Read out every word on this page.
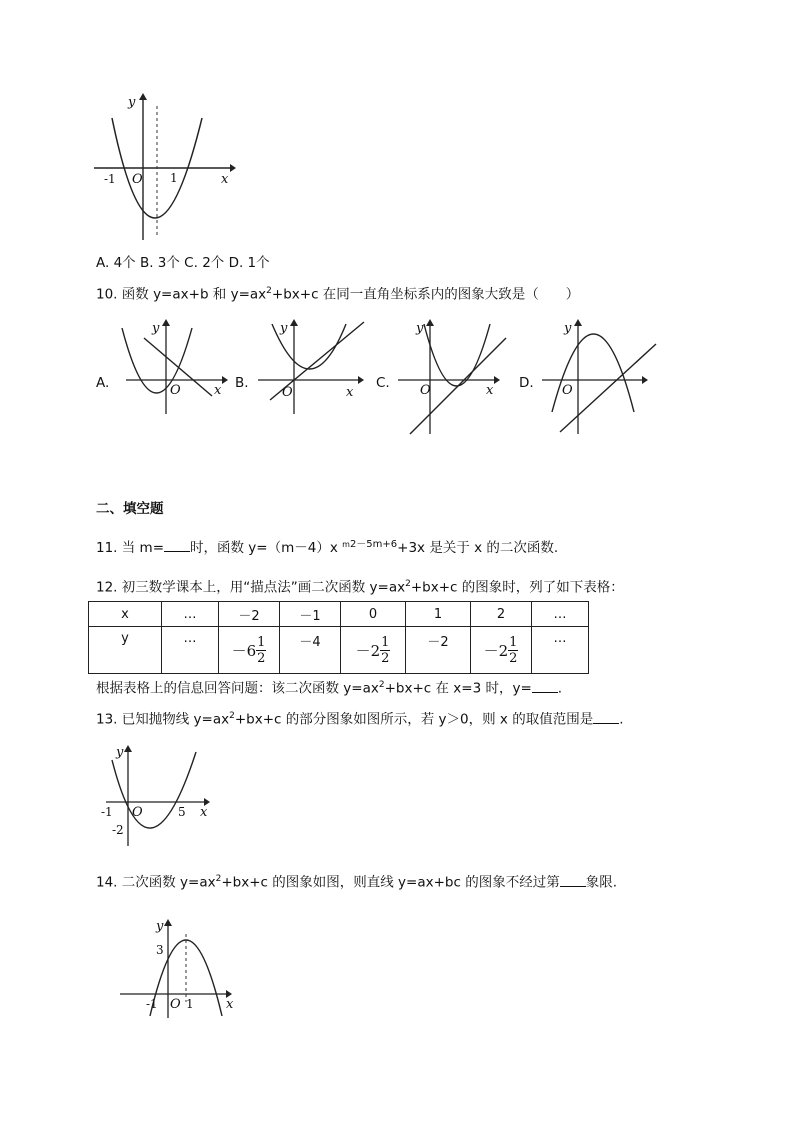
y
x
O
-1	1
A. 4个 B. 3个 C. 2个 D. 1个
10. 函数 y=ax+b 和 $y=ax^2+bx+c$ 在同一直角坐标系内的图象大致是（　　）
A.
y
x
O	B.
y
x
O
C.
y
x
O	D.
y
O
二、填空题
11. 当 m= 时，函数 y=（m－4）x $^{m2-5m+6}$+3x 是关于 x 的二次函数.
12. 初三数学课本上，用“描点法”画二次函数 $y=ax^2+bx+c$ 的图象时，列了如下表格：
x	…	－2	－1	0	1	2	…
y	…	$-6 \frac{1}{2}$	－4	$-2 \frac{1}{2}$	－2	$-2 \frac{1}{2}$	…
根据表格上的信息回答问题：该二次函数 $y=ax^2+bx+c$ 在 x=3 时，y= .
13. 已知抛物线 $y=ax^2+bx+c$ 的部分图象如图所示，若 y＞0，则 x 的取值范围是 .
y
x
O
-1	5
-2
14. 二次函数 $y=ax^2+bx+c$ 的图象如图，则直线 y=ax+bc 的图象不经过第 象限.
y
x
O
-1 1
3
